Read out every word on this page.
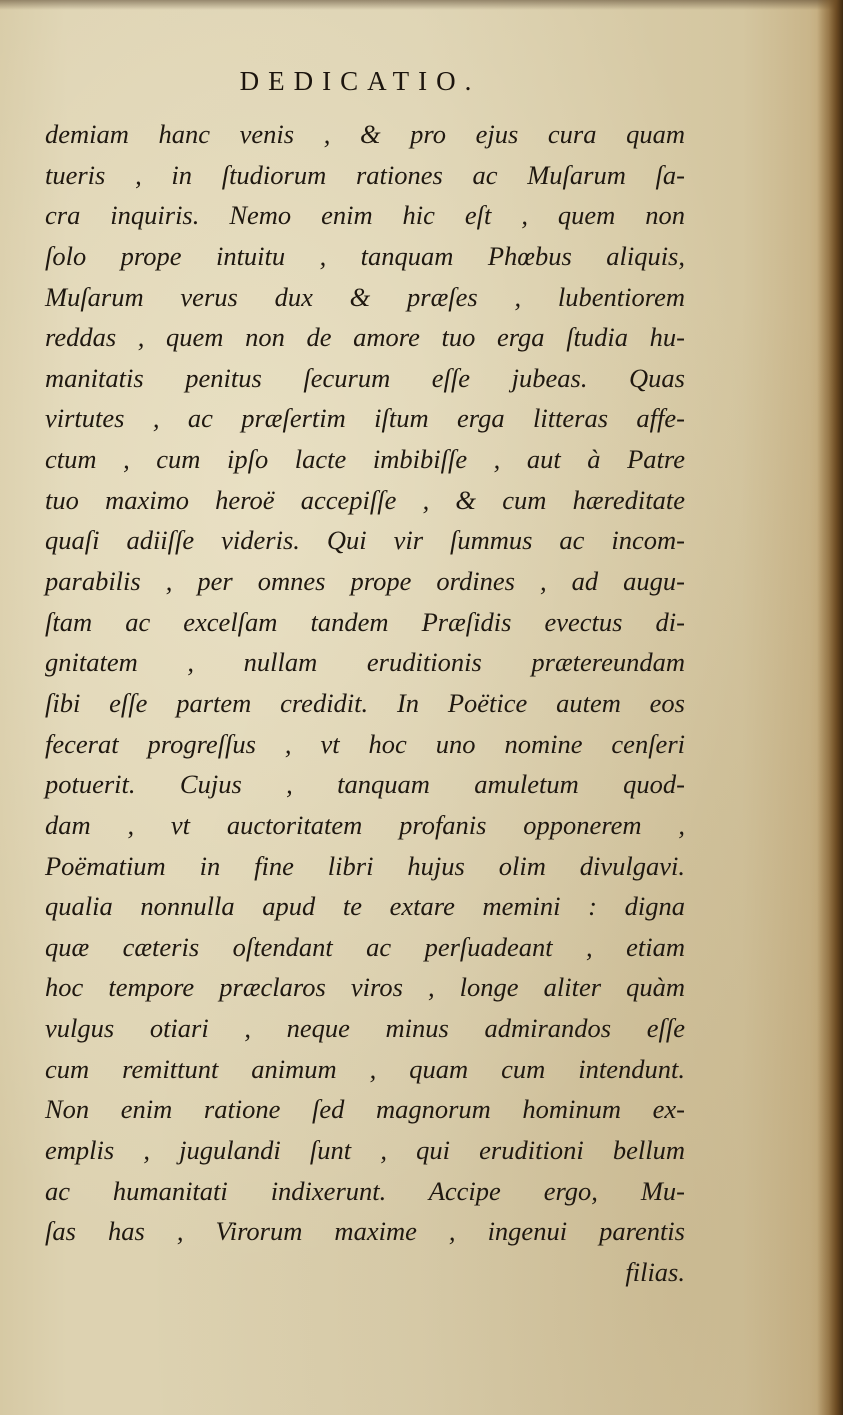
DEDICATIO.
demiam hanc venis , & pro ejus cura quam
tueris , in ſtudiorum rationes ac Muſarum ſa-
cra inquiris. Nemo enim hic eſt , quem non
ſolo prope intuitu , tanquam Phœbus aliquis,
Muſarum verus dux & præſes , lubentiorem
reddas , quem non de amore tuo erga ſtudia hu-
manitatis penitus ſecurum eſſe jubeas. Quas
virtutes , ac præſertim iſtum erga litteras affe-
ctum , cum ipſo lacte imbibiſſe , aut à Patre
tuo maximo heroë accepiſſe , & cum hæreditate
quaſi adiiſſe videris. Qui vir ſummus ac incom-
parabilis , per omnes prope ordines , ad augu-
ſtam ac excelſam tandem Præſidis evectus di-
gnitatem , nullam eruditionis prætereundam
ſibi eſſe partem credidit. In Poëtice autem eos
fecerat progreſſus , vt hoc uno nomine cenſeri
potuerit. Cujus , tanquam amuletum quod-
dam , vt auctoritatem profanis opponerem ,
Poëmatium in fine libri hujus olim divulgavi.
qualia nonnulla apud te extare memini : digna
quæ cæteris oſtendant ac perſuadeant , etiam
hoc tempore præclaros viros , longe aliter quàm
vulgus otiari , neque minus admirandos eſſe
cum remittunt animum , quam cum intendunt.
Non enim ratione ſed magnorum hominum ex-
emplis , jugulandi ſunt , qui eruditioni bellum
ac humanitati indixerunt. Accipe ergo, Mu-
ſas has , Virorum maxime , ingenui parentis
filias.
